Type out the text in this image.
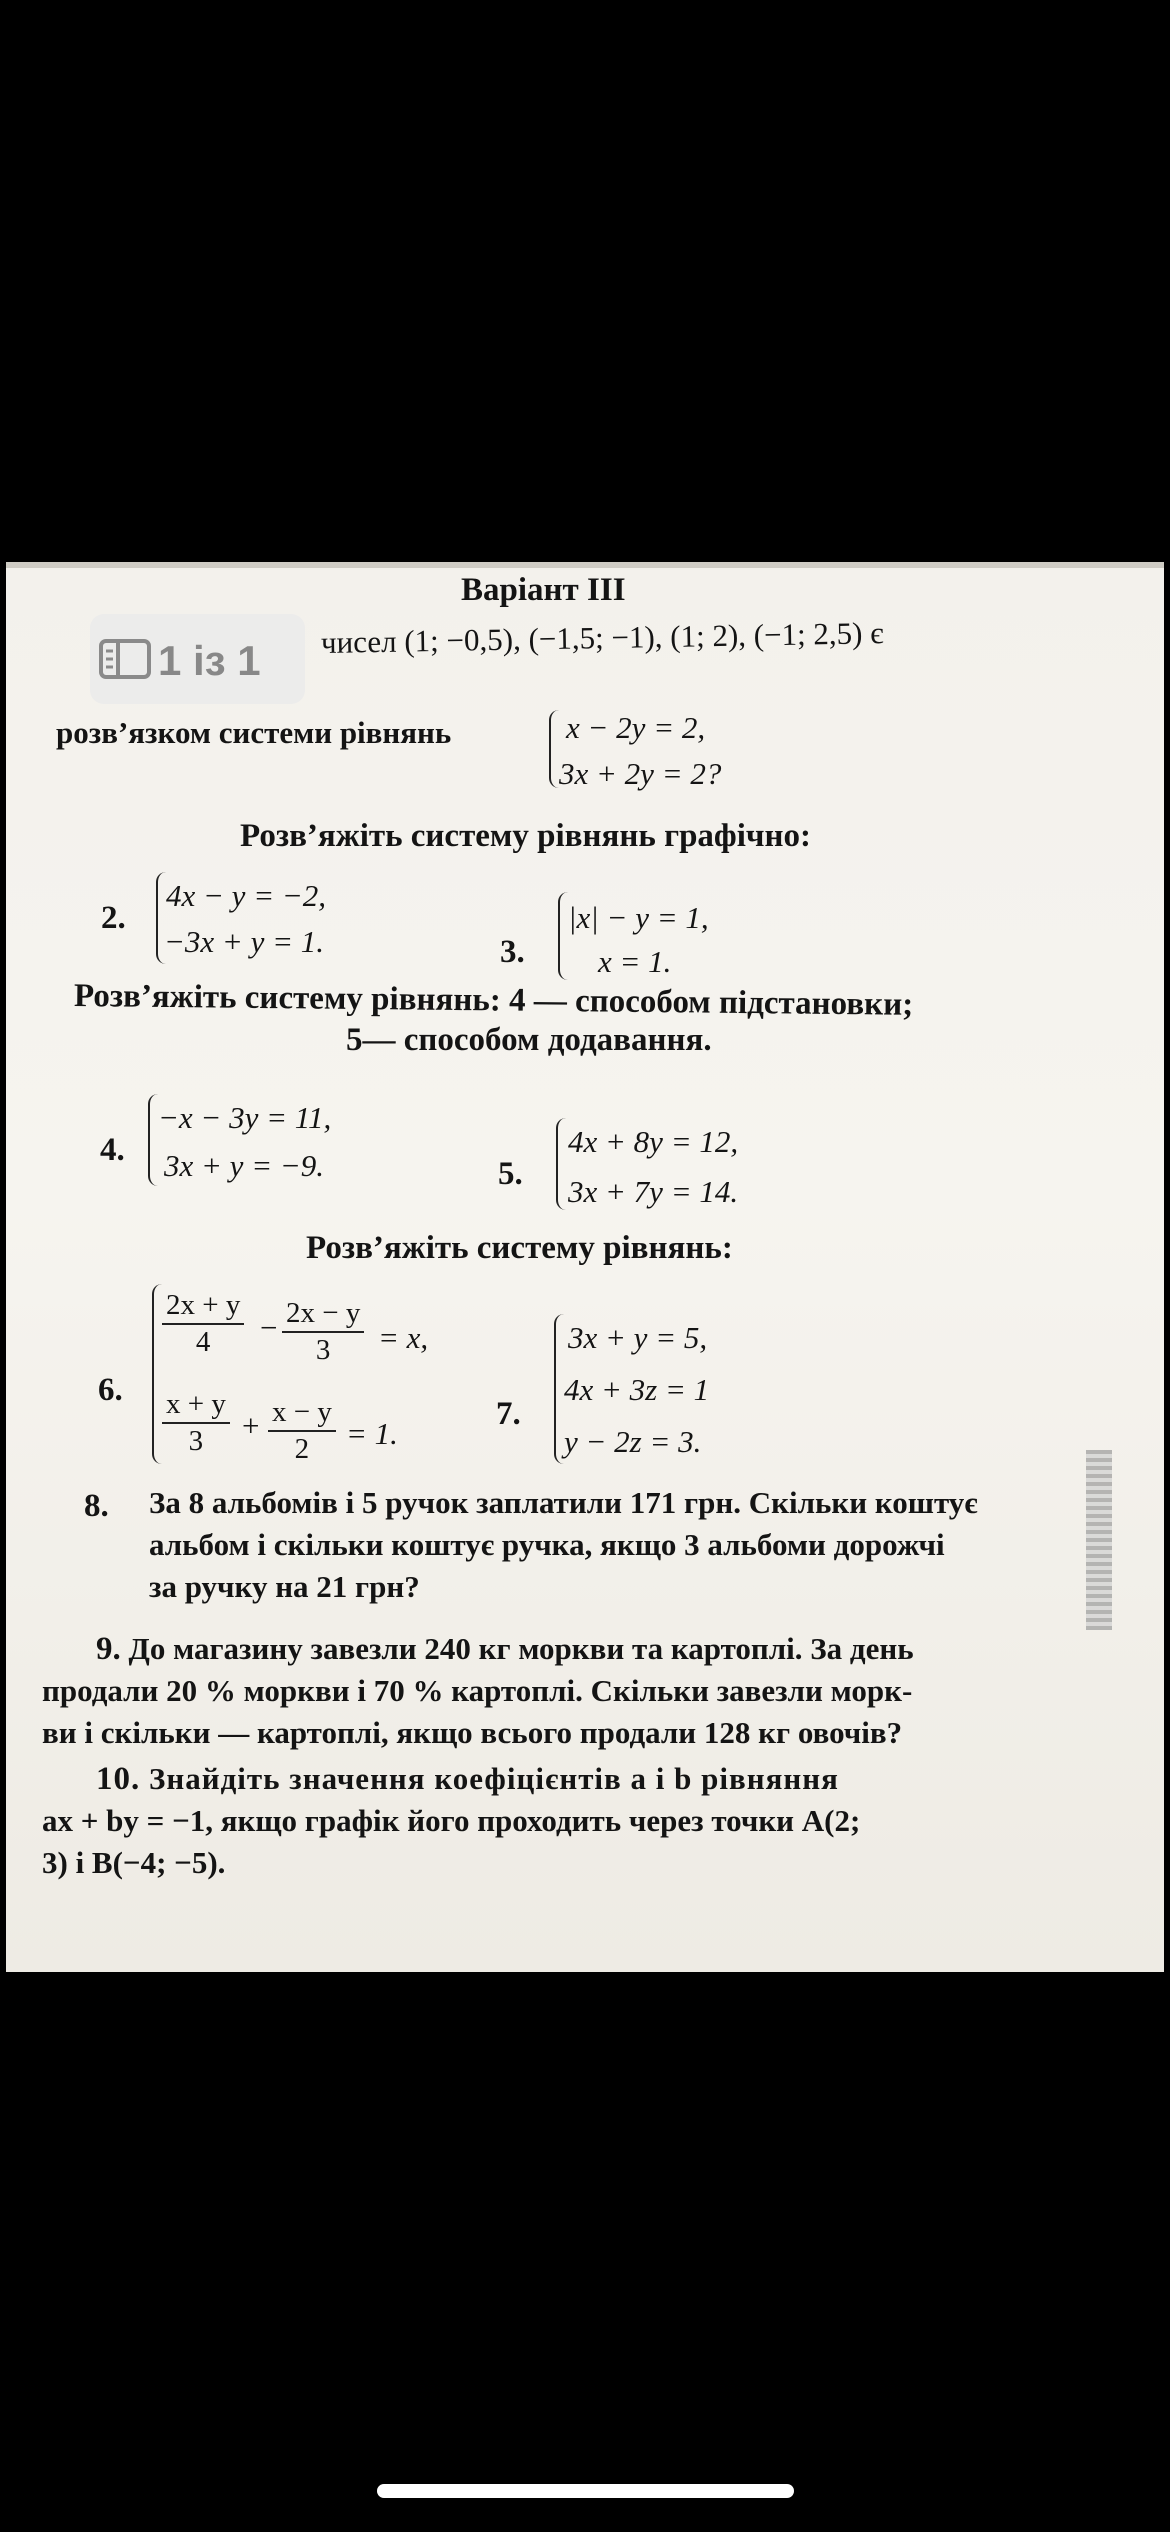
Варіант III
чисел (1; −0,5), (−1,5; −1), (1; 2), (−1; 2,5) є
розв’язком системи рівнянь	x − 2y = 2,
3x + 2y = 2?
Розв’яжіть систему рівнянь графічно:
2.
4x − y = −2,
−3x + y = 1.	3.
|x| − y = 1,
x = 1.
Розв’яжіть систему рівнянь: 4 — способом підстановки;
5— способом додавання.
4.
−x − 3y = 11,
3x + y = −9.	5.
4x + 8y = 12,
3x + 7y = 14.
Розв’яжіть систему рівнянь:
6.
$\frac{2x + y}{4} - \frac{2x - y}{3} = x$,
$\frac{x + y}{3} + \frac{x - y}{2} = 1$.
7.
3x + y = 5,
4x + 3z = 1
y − 2z = 3.
8. За 8 альбомів і 5 ручок заплатили 171 грн. Скільки коштує
альбом і скільки коштує ручка, якщо 3 альбоми дорожчі
за ручку на 21 грн?
9. До магазину завезли 240 кг моркви та картоплі. За день
продали 20 % моркви і 70 % картоплі. Скільки завезли морк-
ви і скільки — картоплі, якщо всього продали 128 кг овочів?
10. Знайдіть значення коефіцієнтів a і b рівняння
ax + by = −1, якщо графік його проходить через точки A(2;
3) і B(−4; −5).
1 із 1
